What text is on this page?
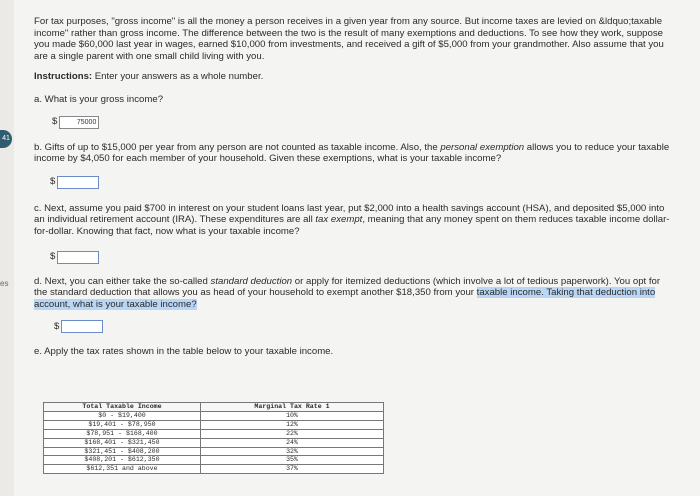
41
es

For tax purposes, "gross income" is all the money a person receives in a given year from any source. But income taxes are levied on &ldquo;taxable income" rather than gross income. The difference between the two is the result of many exemptions and deductions. To see how they work, suppose you made $60,000 last year in wages, earned $10,000 from investments, and received a gift of $5,000 from your grandmother. Also assume that you are a single parent with one small child living with you.

Instructions: Enter your answers as a whole number.

a. What is your gross income?

$	75000

b. Gifts of up to $15,000 per year from any person are not counted as taxable income. Also, the personal exemption allows you to reduce your taxable income by $4,050 for each member of your household. Given these exemptions, what is your taxable income?

$

c. Next, assume you paid $700 in interest on your student loans last year, put $2,000 into a health savings account (HSA), and deposited $5,000 into an individual retirement account (IRA). These expenditures are all tax exempt, meaning that any money spent on them reduces taxable income dollar-for-dollar. Knowing that fact, now what is your taxable income?

$

d. Next, you can either take the so-called standard deduction or apply for itemized deductions (which involve a lot of tedious paperwork). You opt for the standard deduction that allows you as head of your household to exempt another $18,350 from your taxable income. Taking that deduction into account, what is your taxable income?

$

e. Apply the tax rates shown in the table below to your taxable income.

Total Taxable Income	Marginal Tax Rate 1
$0 - $19,400	10%
$19,401 - $78,950	12%
$78,951 - $168,400	22%
$168,401 - $321,450	24%
$321,451 - $408,200	32%
$408,201 - $612,350	35%
$612,351 and above	37%
